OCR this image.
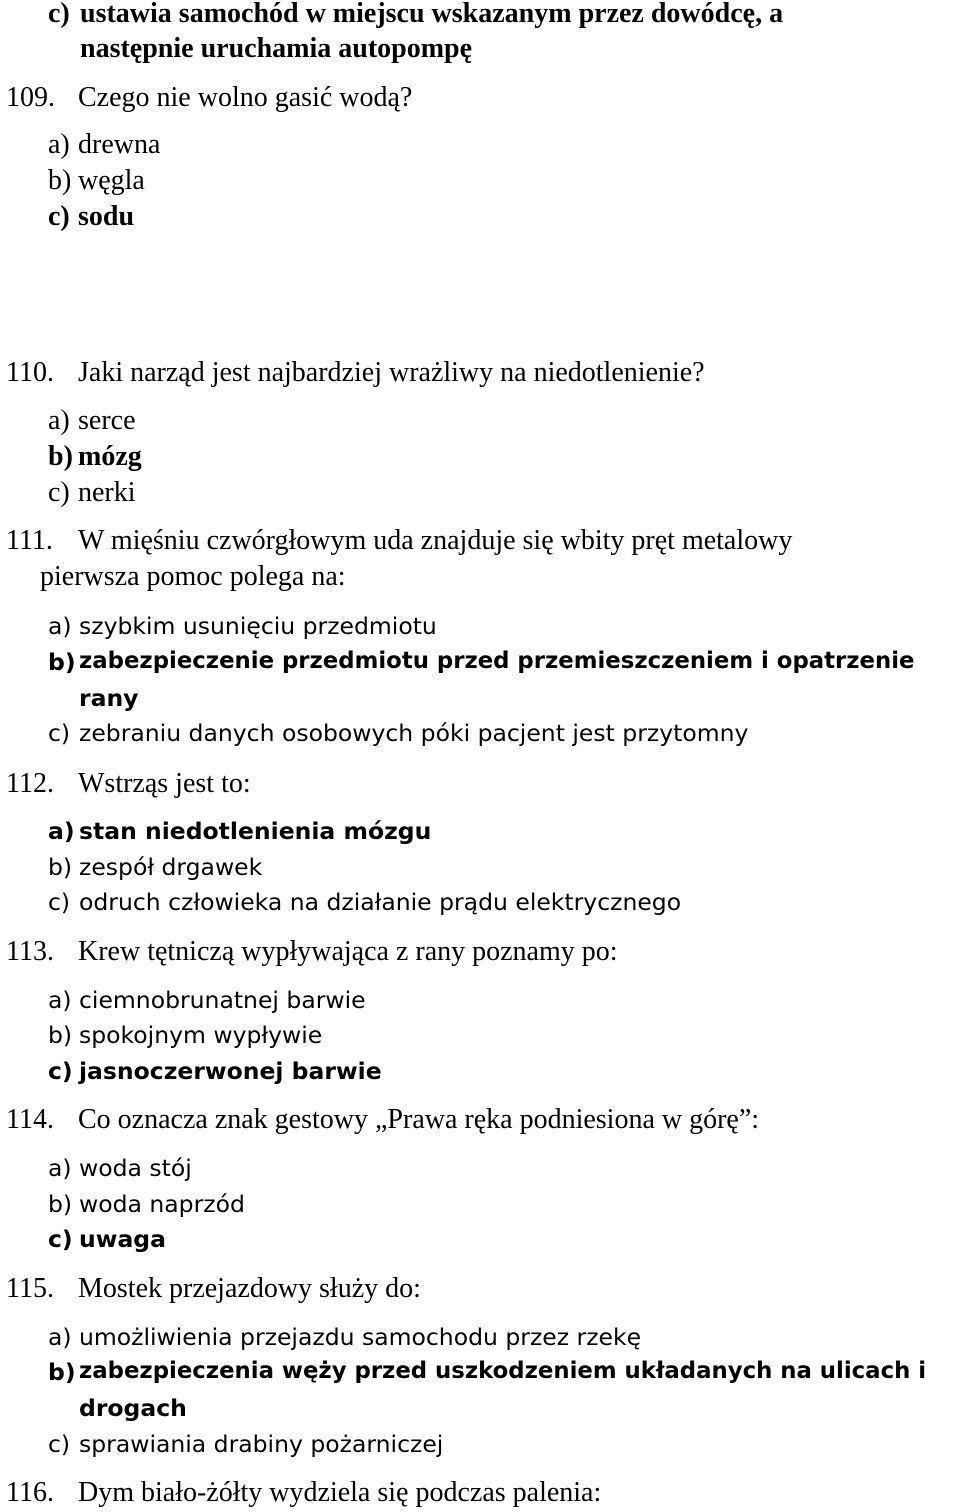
c) ustawia samochód w miejscu wskazanym przez dowódcę, a
następnie uruchamia autopompę
109. Czego nie wolno gasić wodą?
a) drewna
b) węgla
c) sodu
110. Jaki narząd jest najbardziej wrażliwy na niedotlenienie?
a) serce
b) mózg
c) nerki
111. W mięśniu czwórgłowym uda znajduje się wbity pręt metalowy
pierwsza pomoc polega na:
a) szybkim usunięciu przedmiotu
b) zabezpieczenie przedmiotu przed przemieszczeniem i opatrzenie
rany
c) zebraniu danych osobowych póki pacjent jest przytomny
112. Wstrząs jest to:
a) stan niedotlenienia mózgu
b) zespół drgawek
c) odruch człowieka na działanie prądu elektrycznego
113. Krew tętniczą wypływająca z rany poznamy po:
a) ciemnobrunatnej barwie
b) spokojnym wypływie
c) jasnoczerwonej barwie
114. Co oznacza znak gestowy „Prawa ręka podniesiona w górę”:
a) woda stój
b) woda naprzód
c) uwaga
115. Mostek przejazdowy służy do:
a) umożliwienia przejazdu samochodu przez rzekę
b) zabezpieczenia węży przed uszkodzeniem układanych na ulicach i
drogach
c) sprawiania drabiny pożarniczej
116. Dym biało-żółty wydziela się podczas palenia:
